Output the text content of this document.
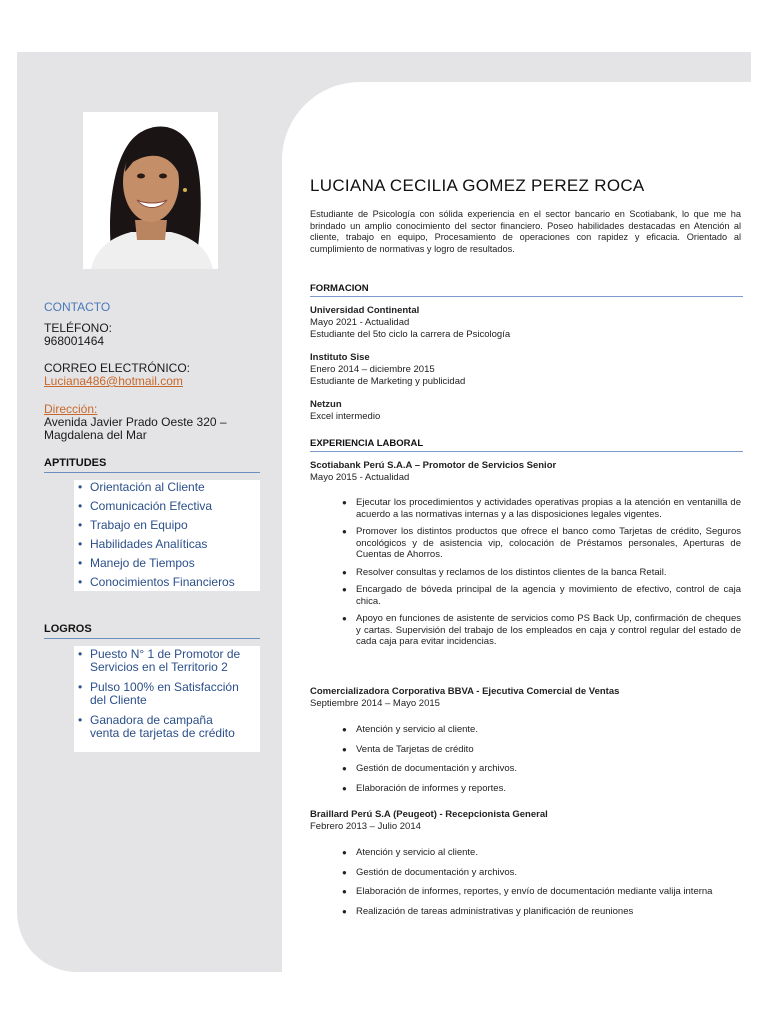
CONTACTO
TELÉFONO:
968001464
CORREO ELECTRÓNICO:
Luciana486@hotmail.com
Dirección:
Avenida Javier Prado Oeste 320 –
Magdalena del Mar
APTITUDES
• Orientación al Cliente
• Comunicación Efectiva
• Trabajo en Equipo
• Habilidades Analíticas
• Manejo de Tiempos
• Conocimientos Financieros
LOGROS
• Puesto N° 1 de Promotor de Servicios en el Territorio 2
• Pulso 100% en Satisfacción del Cliente
• Ganadora de campaña venta de tarjetas de crédito
LUCIANA CECILIA GOMEZ PEREZ ROCA
Estudiante de Psicología con sólida experiencia en el sector bancario en Scotiabank, lo que me ha brindado un amplio conocimiento del sector financiero. Poseo habilidades destacadas en Atención al cliente, trabajo en equipo, Procesamiento de operaciones con rapidez y eficacia. Orientado al cumplimiento de normativas y logro de resultados.
FORMACION
Universidad Continental
Mayo 2021 - Actualidad
Estudiante del 5to ciclo la carrera de Psicología
Instituto Sise
Enero 2014 – diciembre 2015
Estudiante de Marketing y publicidad
Netzun
Excel intermedio
EXPERIENCIA LABORAL
Scotiabank Perú S.A.A – Promotor de Servicios Senior
Mayo 2015 - Actualidad
● Ejecutar los procedimientos y actividades operativas propias a la atención en ventanilla de acuerdo a las normativas internas y a las disposiciones legales vigentes.
● Promover los distintos productos que ofrece el banco como Tarjetas de crédito, Seguros oncológicos y de asistencia vip, colocación de Préstamos personales, Aperturas de Cuentas de Ahorros.
● Resolver consultas y reclamos de los distintos clientes de la banca Retail.
● Encargado de bóveda principal de la agencia y movimiento de efectivo, control de caja chica.
● Apoyo en funciones de asistente de servicios como PS Back Up, confirmación de cheques y cartas. Supervisión del trabajo de los empleados en caja y control regular del estado de cada caja para evitar incidencias.
Comercializadora Corporativa BBVA - Ejecutiva Comercial de Ventas
Septiembre 2014 – Mayo 2015
● Atención y servicio al cliente.
● Venta de Tarjetas de crédito
● Gestión de documentación y archivos.
● Elaboración de informes y reportes.
Braillard Perú S.A (Peugeot) - Recepcionista General
Febrero 2013 – Julio 2014
● Atención y servicio al cliente.
● Gestión de documentación y archivos.
● Elaboración de informes, reportes, y envío de documentación mediante valija interna
● Realización de tareas administrativas y planificación de reuniones
